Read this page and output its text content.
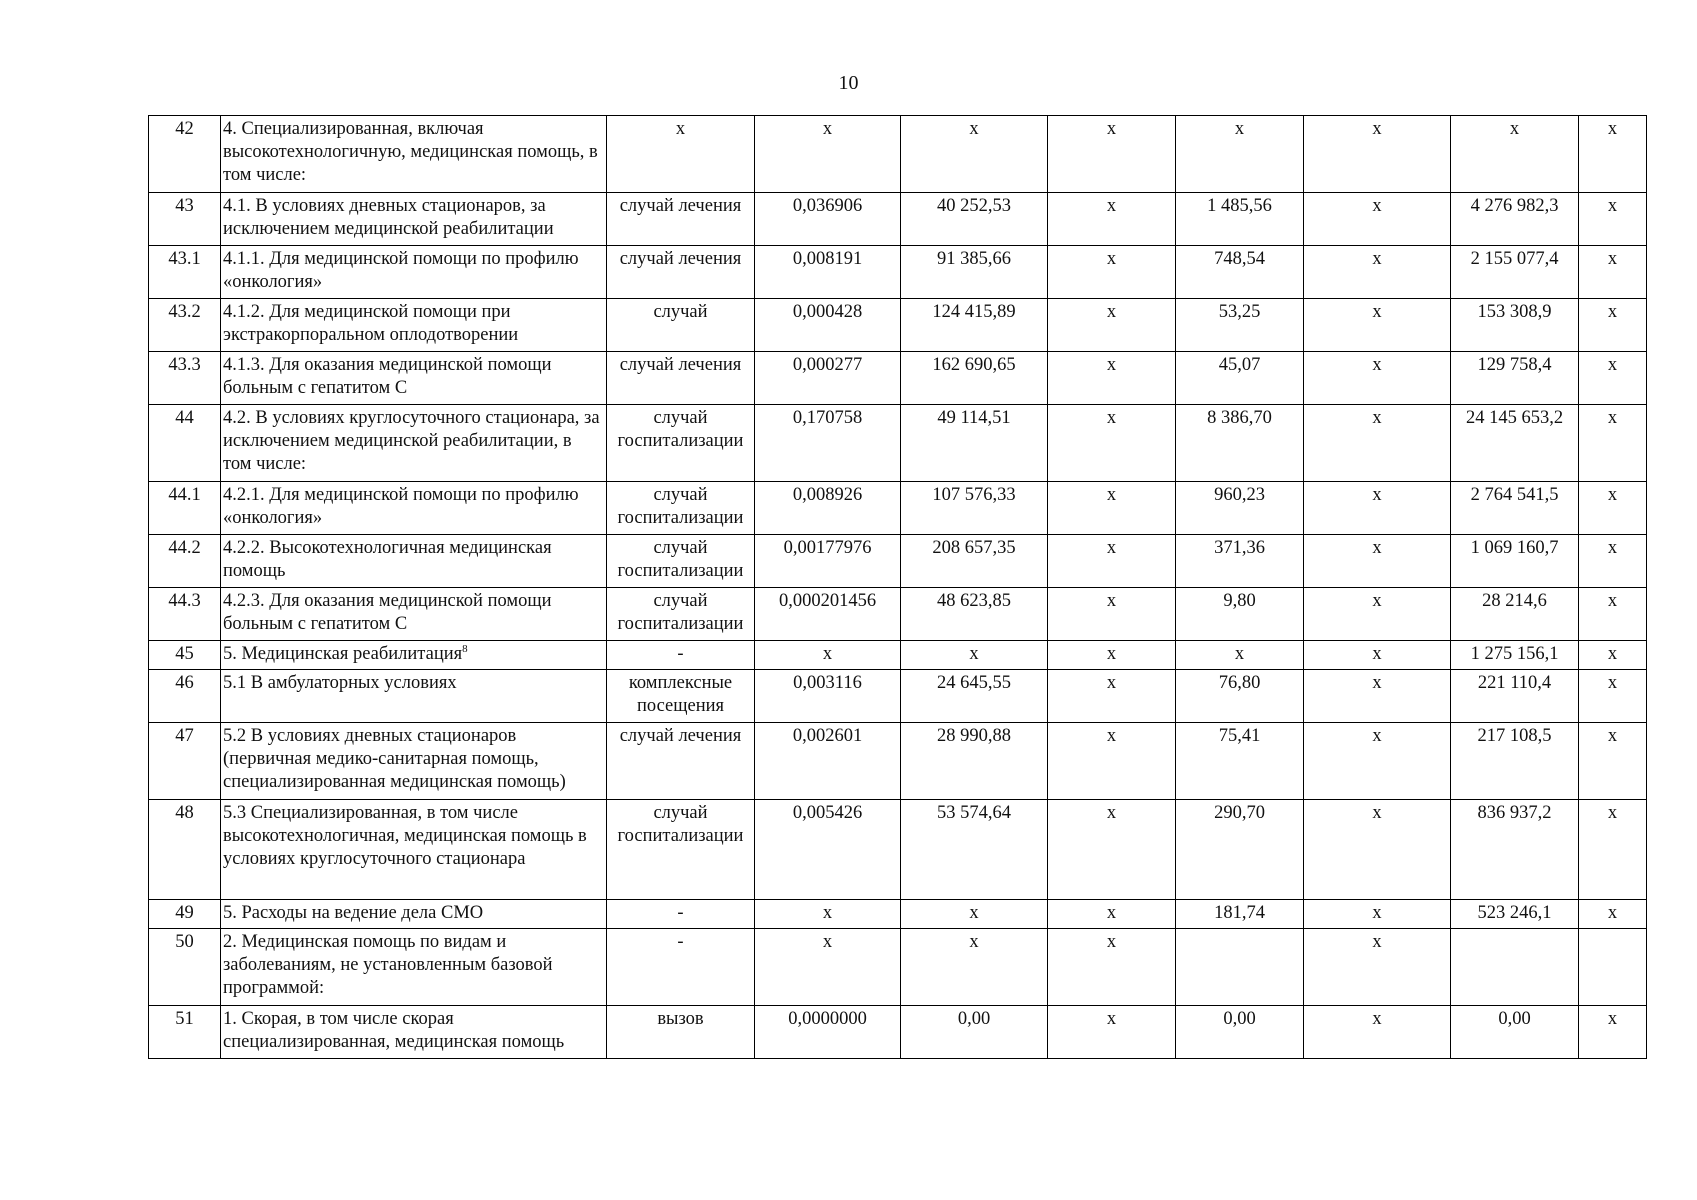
10
42	4. Специализированная, включая высокотехнологичную, медицинская помощь, в том числе:	х	х	х	х	х	х	х	х
43	4.1. В условиях дневных стационаров, за исключением медицинской реабилитации	случай лечения	0,036906	40 252,53	х	1 485,56	х	4 276 982,3	х
43.1	4.1.1. Для медицинской помощи по профилю «онкология»	случай лечения	0,008191	91 385,66	х	748,54	х	2 155 077,4	х
43.2	4.1.2. Для медицинской помощи при экстракорпоральном оплодотворении	случай	0,000428	124 415,89	х	53,25	х	153 308,9	х
43.3	4.1.3. Для оказания медицинской помощи больным с гепатитом С	случай лечения	0,000277	162 690,65	х	45,07	х	129 758,4	х
44	4.2. В условиях круглосуточного стационара, за исключением медицинской реабилитации, в том числе:	случай госпитализации	0,170758	49 114,51	х	8 386,70	х	24 145 653,2	х
44.1	4.2.1. Для медицинской помощи по профилю «онкология»	случай госпитализации	0,008926	107 576,33	х	960,23	х	2 764 541,5	х
44.2	4.2.2. Высокотехнологичная медицинская помощь	случай госпитализации	0,00177976	208 657,35	х	371,36	х	1 069 160,7	х
44.3	4.2.3. Для оказания медицинской помощи больным с гепатитом С	случай госпитализации	0,000201456	48 623,85	х	9,80	х	28 214,6	х
45	5. Медицинская реабилитация$^8$	-	х	х	х	х	х	1 275 156,1	х
46	5.1 В амбулаторных условиях	комплексные посещения	0,003116	24 645,55	х	76,80	х	221 110,4	х
47	5.2 В условиях дневных стационаров (первичная медико-санитарная помощь, специализированная медицинская помощь)	случай лечения	0,002601	28 990,88	х	75,41	х	217 108,5	х
48	5.3 Специализированная, в том числе высокотехнологичная, медицинская помощь в условиях круглосуточного стационара	случай госпитализации	0,005426	53 574,64	х	290,70	х	836 937,2	х
49	5. Расходы на ведение дела СМО	-	х	х	х	181,74	х	523 246,1	х
50	2. Медицинская помощь по видам и заболеваниям, не установленным базовой программой:	-	х	х	х		х		
51	1. Скорая, в том числе скорая специализированная, медицинская помощь	вызов	0,0000000	0,00	х	0,00	х	0,00	х
